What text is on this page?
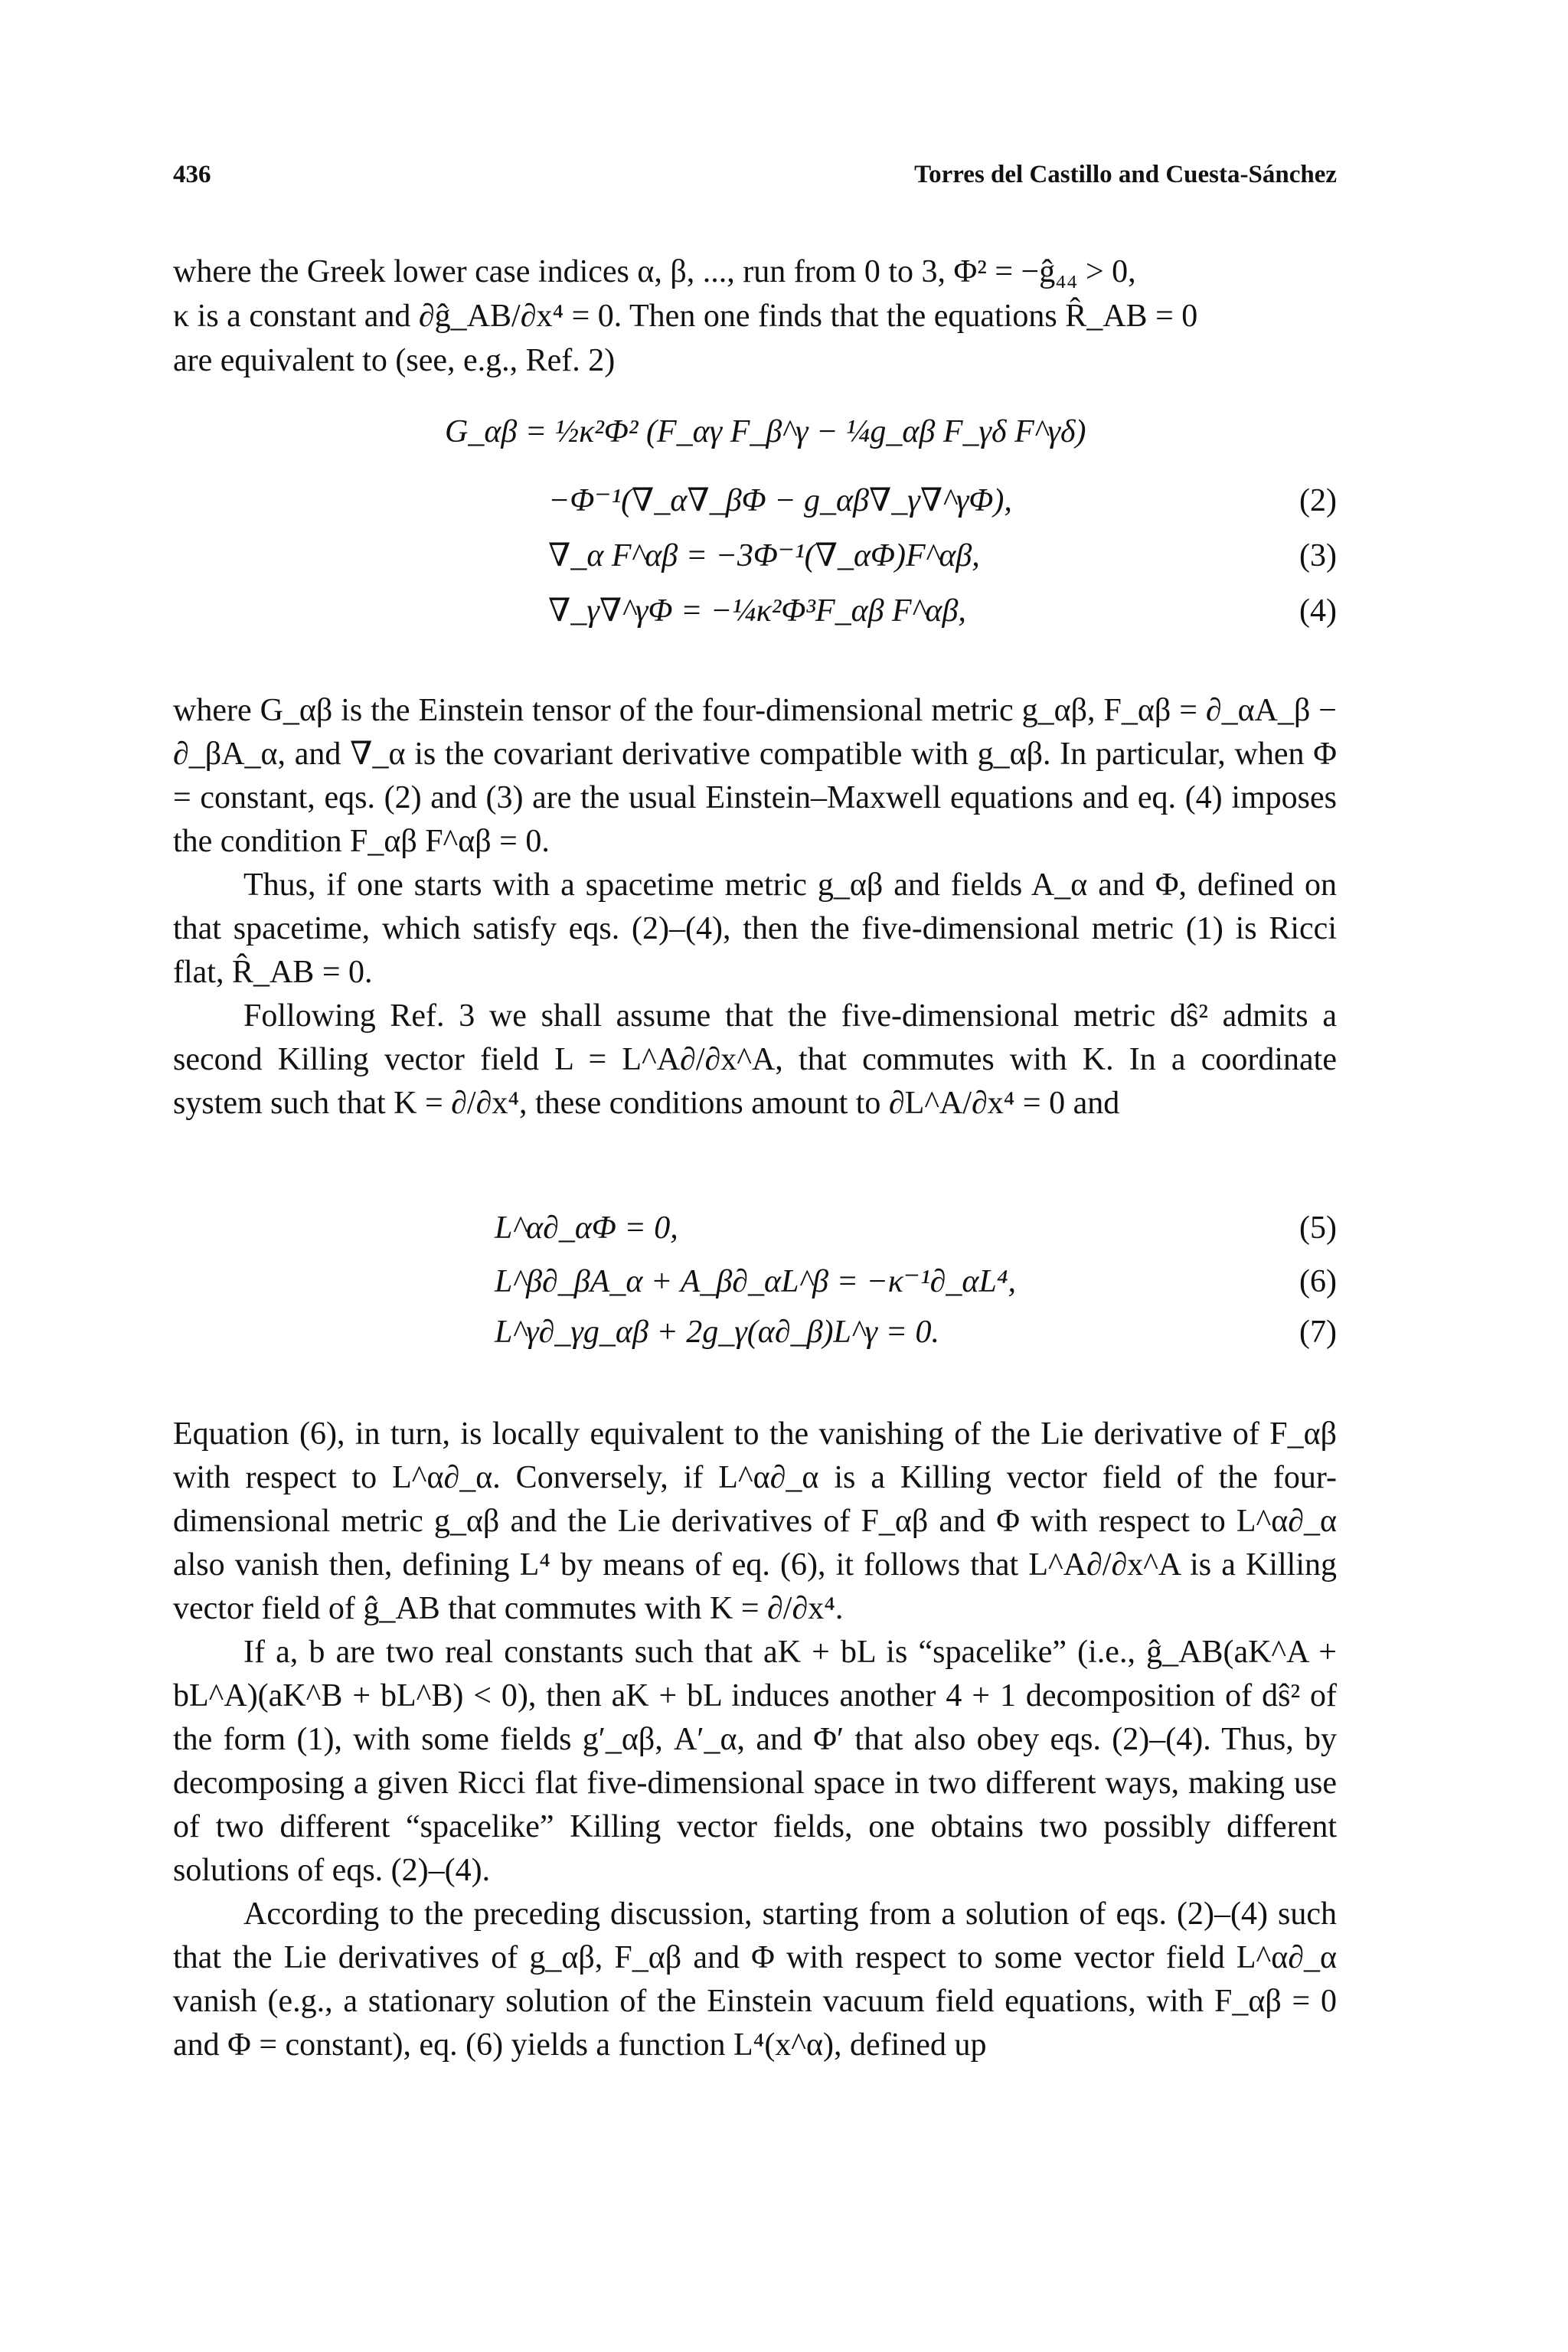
436	Torres del Castillo and Cuesta-Sánchez
where the Greek lower case indices α, β, ..., run from 0 to 3, Φ² = −ĝ₄₄ > 0,
κ is a constant and ∂ĝ_AB/∂x⁴ = 0. Then one finds that the equations R̂_AB = 0
are equivalent to (see, e.g., Ref. 2)
G_αβ = ½κ²Φ² (F_αγ F_β^γ − ¼g_αβ F_γδ F^γδ)
−Φ⁻¹(∇_α∇_βΦ − g_αβ∇_γ∇^γΦ),	(2)
∇_α F^αβ = −3Φ⁻¹(∇_αΦ)F^αβ,	(3)
∇_γ∇^γΦ = −¼κ²Φ³F_αβ F^αβ,	(4)

where G_αβ is the Einstein tensor of the four-dimensional metric g_αβ, F_αβ = ∂_αA_β − ∂_βA_α, and ∇_α is the covariant derivative compatible with g_αβ. In particular, when Φ = constant, eqs. (2) and (3) are the usual Einstein–Maxwell equations and eq. (4) imposes the condition F_αβ F^αβ = 0.

Thus, if one starts with a spacetime metric g_αβ and fields A_α and Φ, defined on that spacetime, which satisfy eqs. (2)–(4), then the five-dimensional metric (1) is Ricci flat, R̂_AB = 0.

Following Ref. 3 we shall assume that the five-dimensional metric dŝ² admits a second Killing vector field L = L^A∂/∂x^A, that commutes with K. In a coordinate system such that K = ∂/∂x⁴, these conditions amount to ∂L^A/∂x⁴ = 0 and

L^α∂_αΦ = 0,	(5)
L^β∂_βA_α + A_β∂_αL^β = −κ⁻¹∂_αL⁴,	(6)
L^γ∂_γg_αβ + 2g_γ(α∂_β)L^γ = 0.	(7)

Equation (6), in turn, is locally equivalent to the vanishing of the Lie derivative of F_αβ with respect to L^α∂_α. Conversely, if L^α∂_α is a Killing vector field of the four-dimensional metric g_αβ and the Lie derivatives of F_αβ and Φ with respect to L^α∂_α also vanish then, defining L⁴ by means of eq. (6), it follows that L^A∂/∂x^A is a Killing vector field of ĝ_AB that commutes with K = ∂/∂x⁴.

If a, b are two real constants such that aK + bL is “spacelike” (i.e., ĝ_AB(aK^A + bL^A)(aK^B + bL^B) < 0), then aK + bL induces another 4 + 1 decomposition of dŝ² of the form (1), with some fields g′_αβ, A′_α, and Φ′ that also obey eqs. (2)–(4). Thus, by decomposing a given Ricci flat five-dimensional space in two different ways, making use of two different “spacelike” Killing vector fields, one obtains two possibly different solutions of eqs. (2)–(4).

According to the preceding discussion, starting from a solution of eqs. (2)–(4) such that the Lie derivatives of g_αβ, F_αβ and Φ with respect to some vector field L^α∂_α vanish (e.g., a stationary solution of the Einstein vacuum field equations, with F_αβ = 0 and Φ = constant), eq. (6) yields a function L⁴(x^α), defined up
